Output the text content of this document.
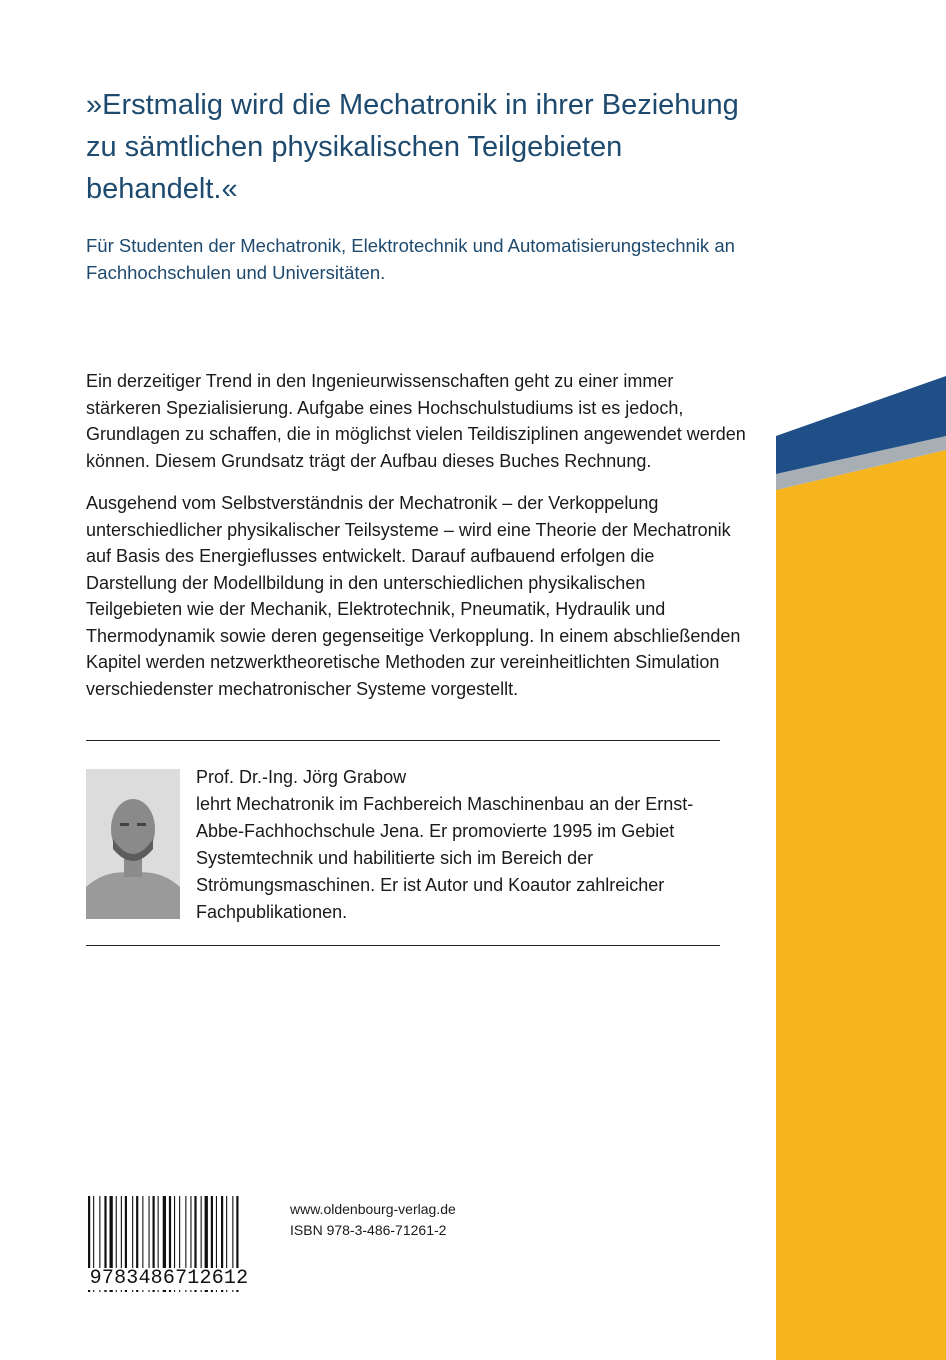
»Erstmalig wird die Mechatronik in ihrer Beziehung zu sämtlichen physikalischen Teilgebieten behandelt.«

Für Studenten der Mechatronik, Elektrotechnik und Automatisierungstechnik an Fachhochschulen und Universitäten.

Ein derzeitiger Trend in den Ingenieurwissenschaften geht zu einer immer stärkeren Spezialisierung. Aufgabe eines Hochschulstudiums ist es jedoch, Grundlagen zu schaffen, die in möglichst vielen Teildisziplinen angewendet werden können. Diesem Grundsatz trägt der Aufbau dieses Buches Rechnung.

Ausgehend vom Selbstverständnis der Mechatronik – der Verkoppelung unterschiedlicher physikalischer Teilsysteme – wird eine Theorie der Mechatronik auf Basis des Energieflusses entwickelt. Darauf aufbauend erfolgen die Darstellung der Modellbildung in den unterschiedlichen physikalischen Teilgebieten wie der Mechanik, Elektrotechnik, Pneumatik, Hydraulik und Thermodynamik sowie deren gegenseitige Verkopplung. In einem abschließenden Kapitel werden netzwerktheoretische Methoden zur vereinheitlichten Simulation verschiedenster mechatronischer Systeme vorgestellt.

Prof. Dr.-Ing. Jörg Grabow

lehrt Mechatronik im Fachbereich Maschinenbau an der Ernst-Abbe-Fachhochschule Jena. Er promovierte 1995 im Gebiet Systemtechnik und habilitierte sich im Bereich der Strömungsmaschinen. Er ist Autor und Koautor zahlreicher Fachpublikationen.

9783486712612

www.oldenbourg-verlag.de

ISBN 978-3-486-71261-2
